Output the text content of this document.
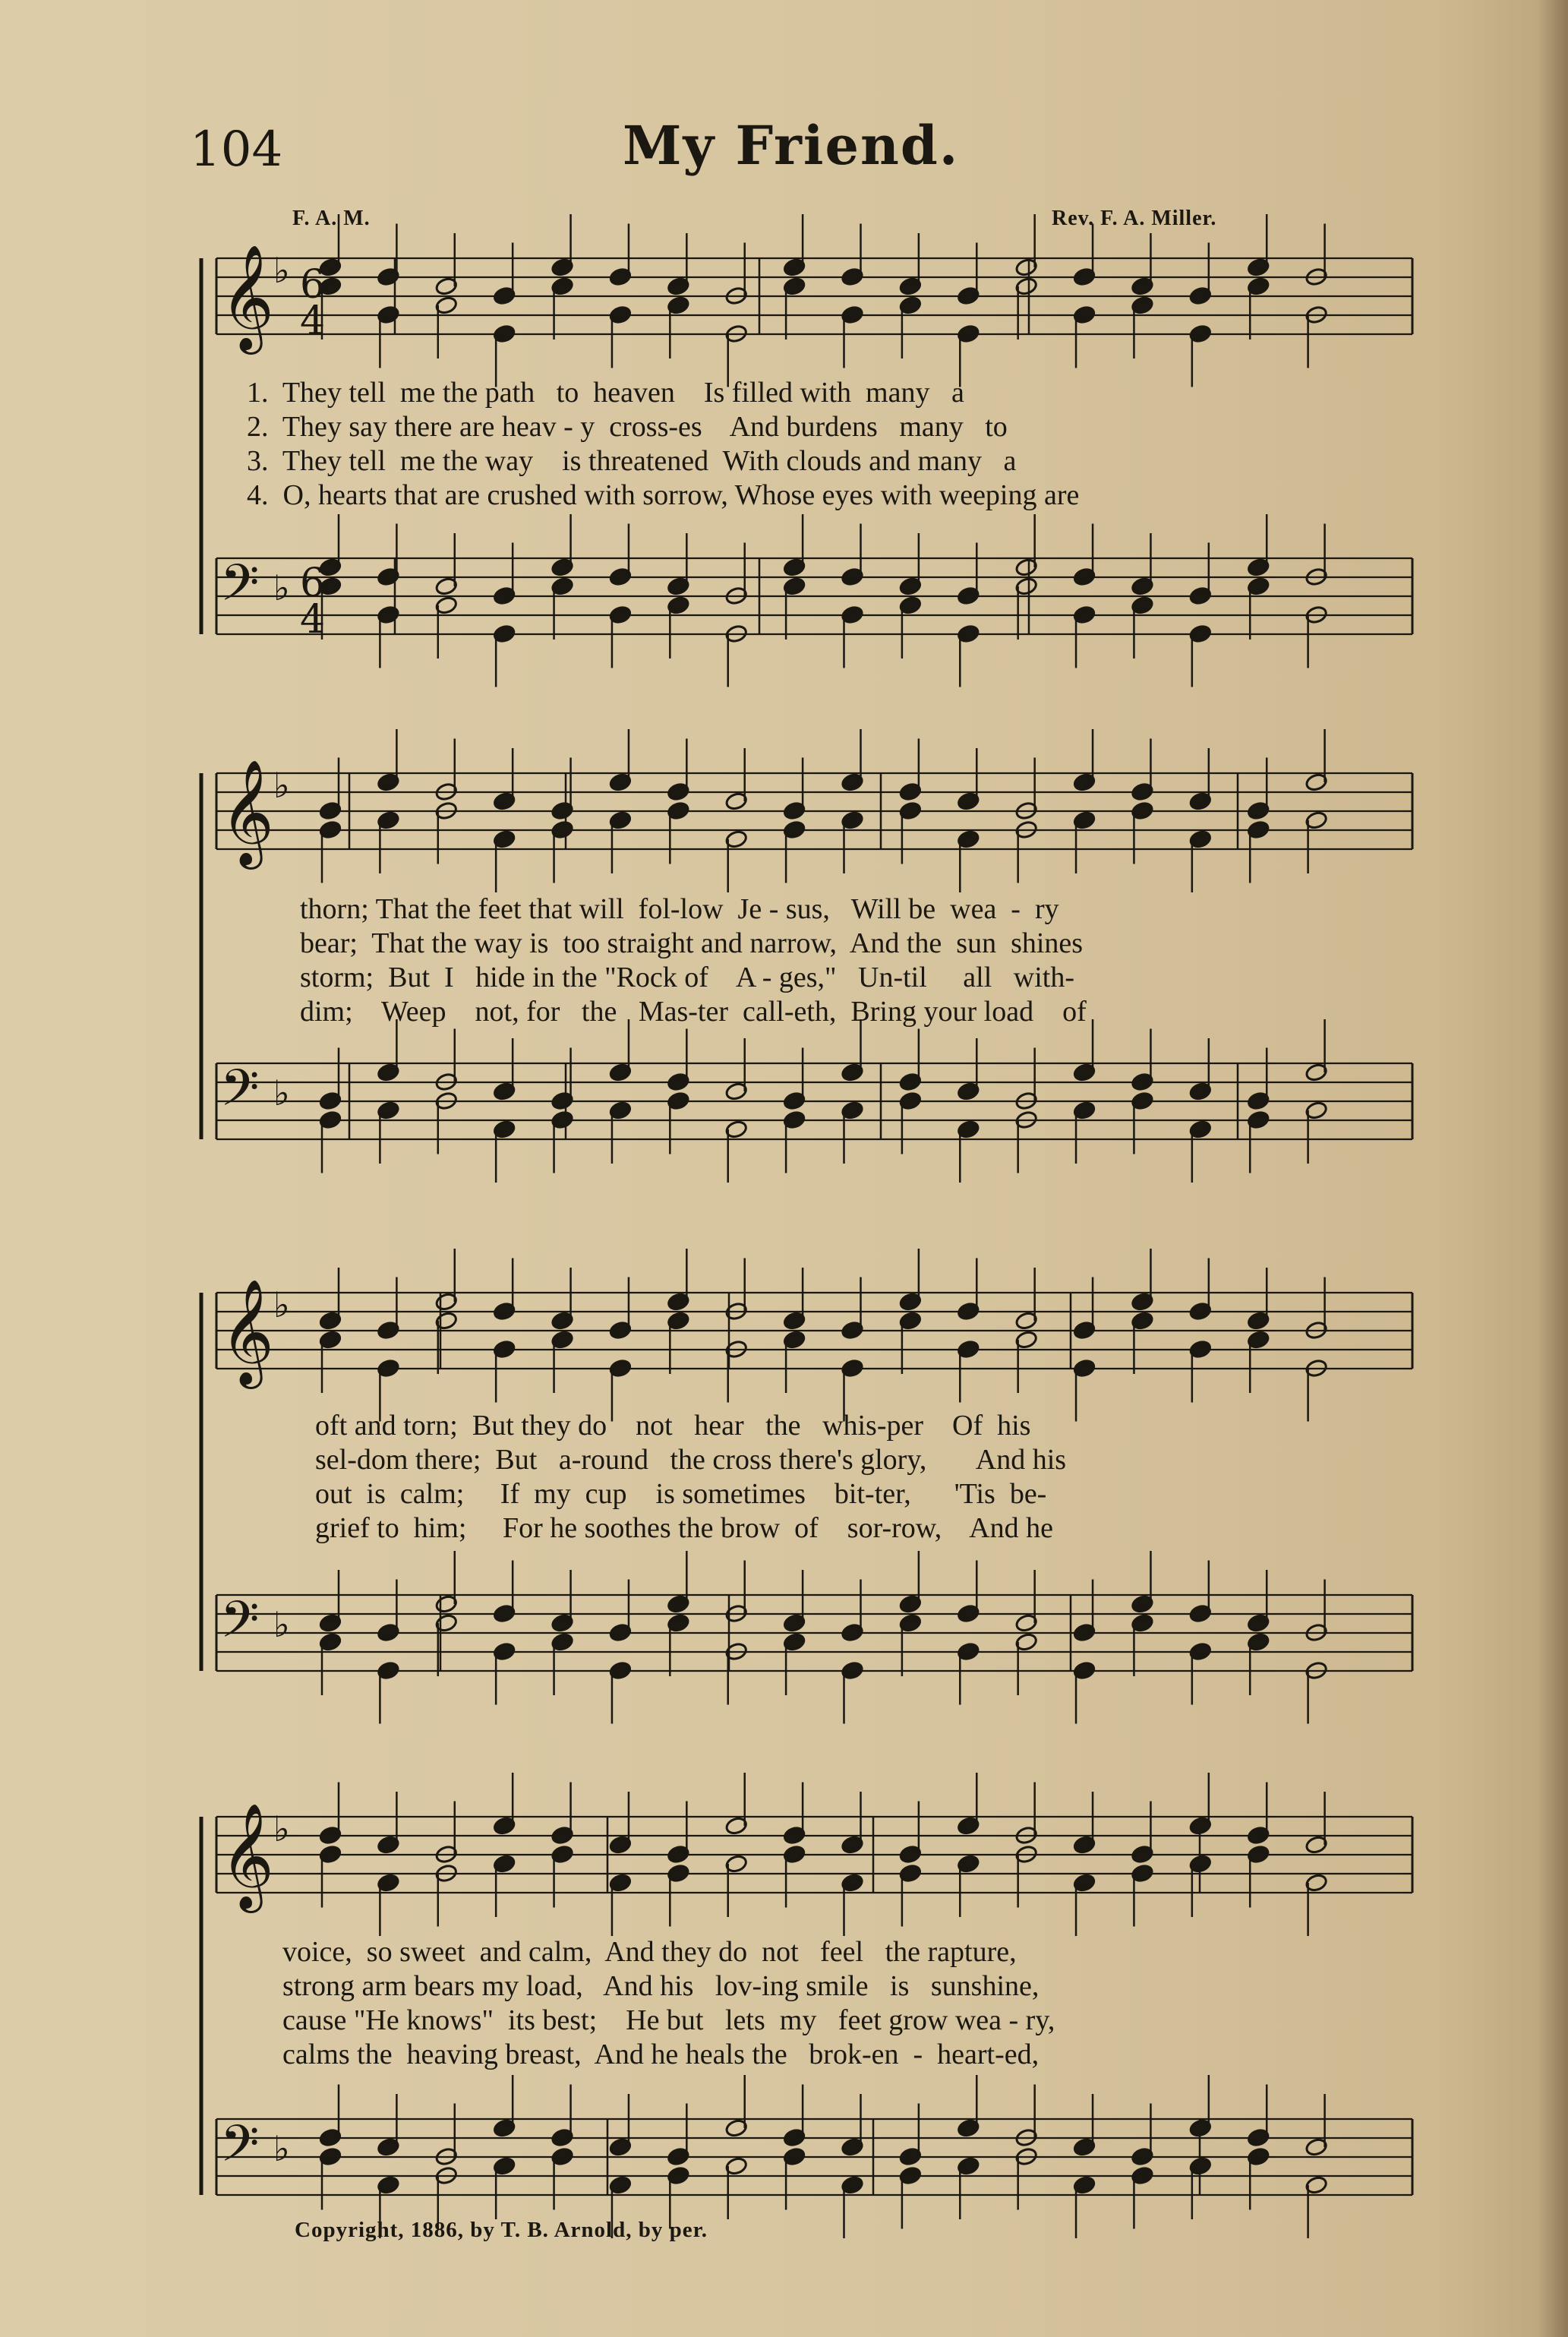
104	My Friend.
F. A. M.	Rev. F. A. Miller.
𝄞 ♭
𝄢 ♭
𝄞 ♭
𝄢 ♭
𝄞 ♭
𝄢 ♭
𝄞 ♭
𝄢 ♭
6
4
6
4
1.  They tell  me the path   to  heaven    Is filled with  many   a
2.  They say there are heav - y  cross-es    And burdens   many   to
3.  They tell  me the way    is threatened  With clouds and many   a
4.  O, hearts that are crushed with sorrow, Whose eyes with weeping are
thorn; That the feet that will  fol-low  Je - sus,   Will be  wea  -  ry
bear;  That the way is  too straight and narrow,  And the  sun  shines
storm;  But  I   hide in the "Rock of    A - ges,"   Un-til     all   with-
dim;    Weep    not, for   the   Mas-ter  call-eth,  Bring your load    of
oft and torn;  But they do    not   hear   the   whis-per    Of  his
sel-dom there;  But   a-round   the cross there's glory,       And his
out  is  calm;     If  my  cup    is sometimes    bit-ter,      'Tis  be-
grief to  him;     For he soothes the brow  of    sor-row,    And he
voice,  so sweet  and calm,  And they do  not   feel   the rapture,
strong arm bears my load,   And his   lov-ing smile   is   sunshine,
cause "He knows"  its best;    He but   lets  my   feet grow wea - ry,
calms the  heaving breast,  And he heals the   brok-en  -  heart-ed,
Copyright, 1886, by T. B. Arnold, by per.
